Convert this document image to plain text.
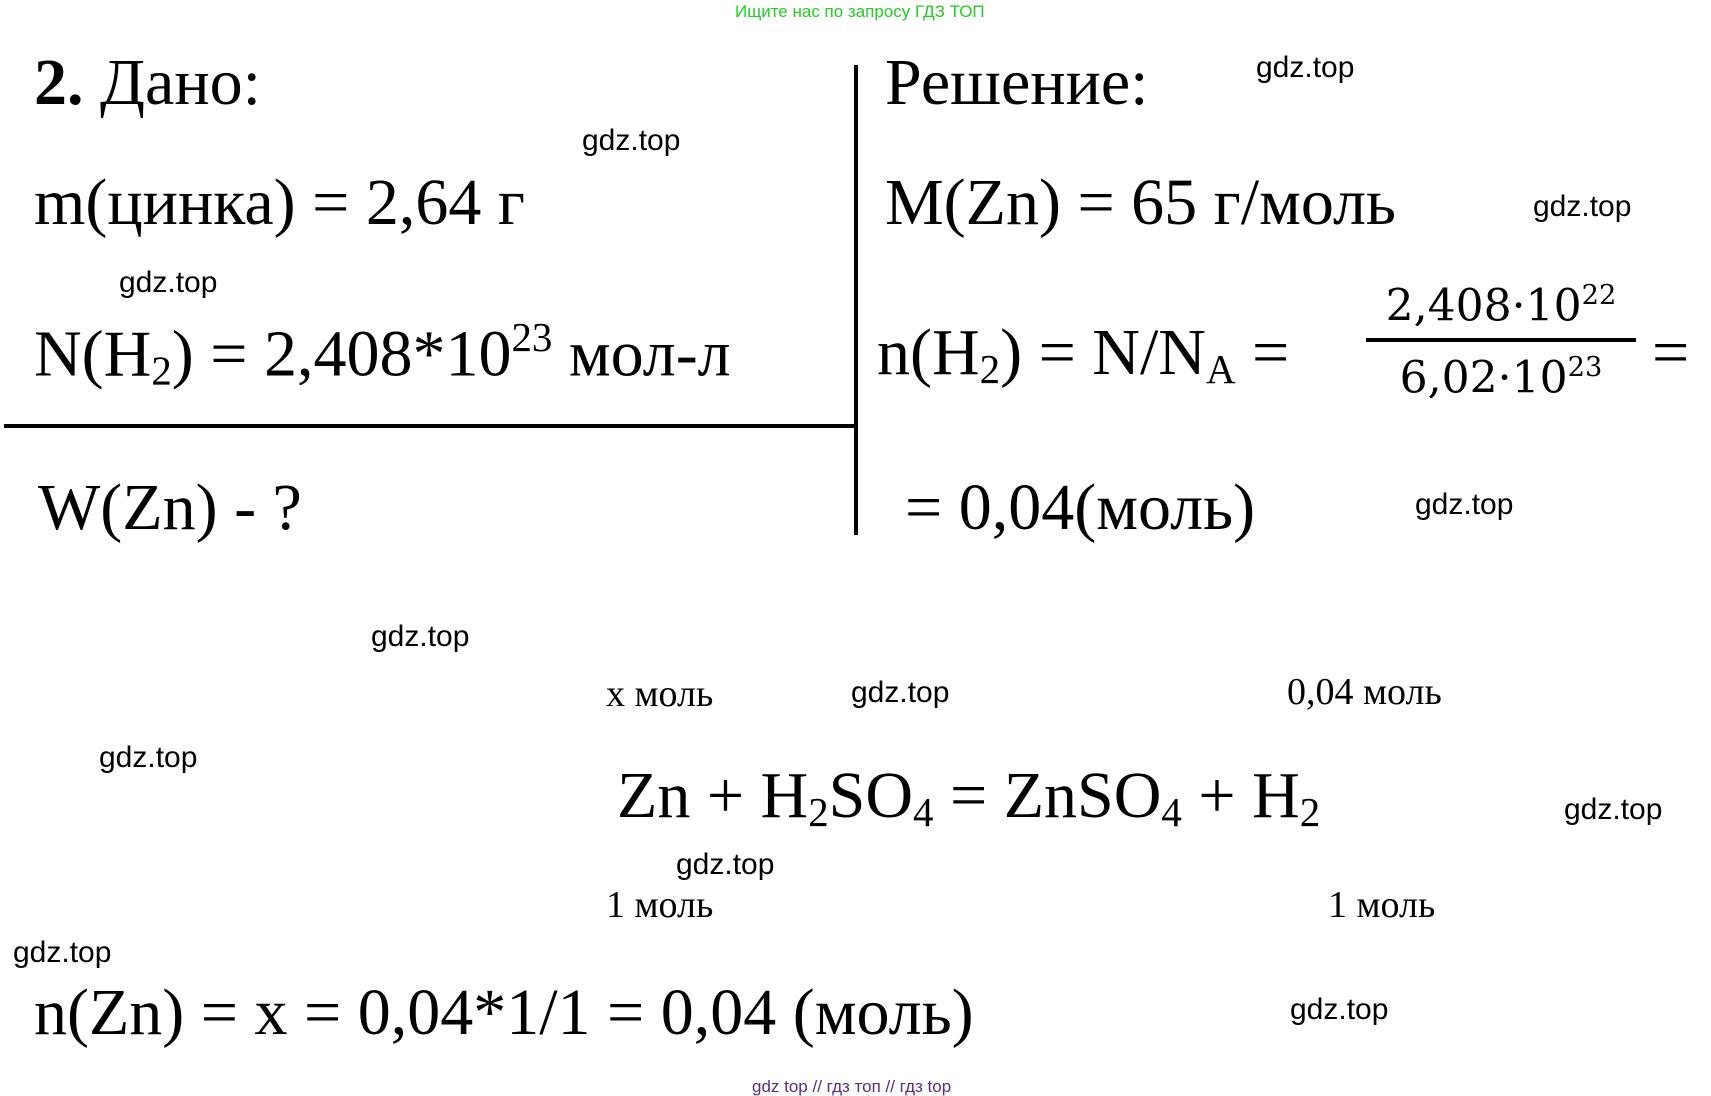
Ищите нас по запросу ГДЗ ТОП
2. Дано:
m(цинка) = 2,64 г
$N(H_2) = 2,408*10^{23}$ мол-л
W(Zn) - ?
Решение:
M(Zn) = 65 г/моль
$n(H_2) = N/N_A$ =
$2,408\cdot 10^{22}$
$6,02\cdot 10^{23}$ =
= 0,04(моль)
x моль	0,04 моль
$Zn + H_2SO_4$ = ZnSO$_4$ + $H_2$
1 моль	1 моль
n(Zn) = x = 0,04*1/1 = 0,04 (моль)
gdz.top
gdz.top
gdz.top
gdz.top
gdz.top
gdz.top
gdz.top
gdz.top
gdz.top
gdz.top
gdz.top
gdz.top
gdz top // гдз топ // гдз top
